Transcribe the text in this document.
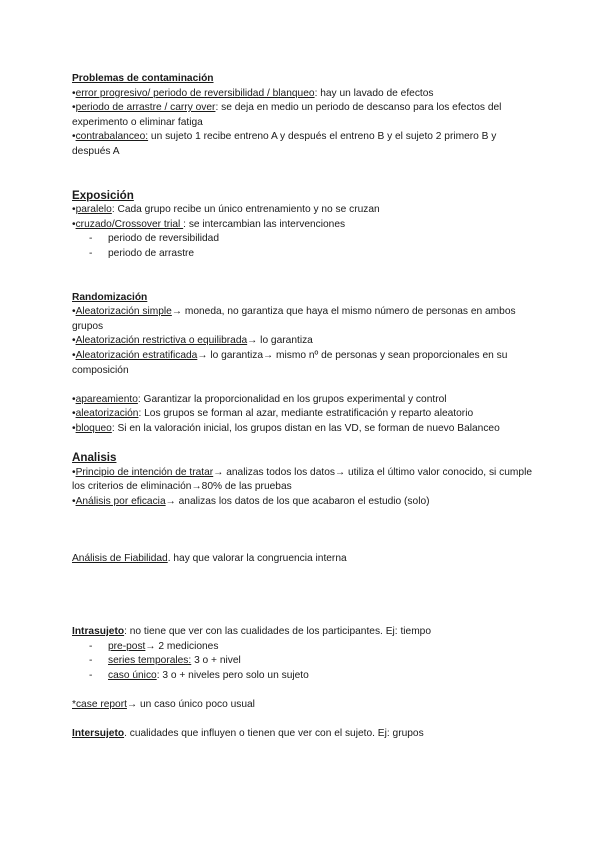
Problemas de contaminación

•error progresivo/ periodo de reversibilidad / blanqueo: hay un lavado de efectos

•periodo de arrastre / carry over: se deja en medio un periodo de descanso para los efectos del experimento o eliminar fatiga

•contrabalanceo: un sujeto 1 recibe entreno A y después el entreno B y el sujeto 2 primero B y después A

Exposición

•paralelo: Cada grupo recibe un único entrenamiento y no se cruzan

•cruzado/Crossover trial : se intercambian las intervenciones

- periodo de reversibilidad

- periodo de arrastre

Randomización

•Aleatorización simple→ moneda, no garantiza que haya el mismo número de personas en ambos grupos

•Aleatorización restrictiva o equilibrada→ lo garantiza

•Aleatorización estratificada→ lo garantiza→ mismo nº de personas y sean proporcionales en su composición

•apareamiento: Garantizar la proporcionalidad en los grupos experimental y control

•aleatorización: Los grupos se forman al azar, mediante estratificación y reparto aleatorio

•bloqueo: Si en la valoración inicial, los grupos distan en las VD, se forman de nuevo Balanceo

Analisis

•Principio de intención de tratar→ analizas todos los datos→ utiliza el último valor conocido, si cumple los criterios de eliminación→80% de las pruebas

•Análisis por eficacia→ analizas los datos de los que acabaron el estudio (solo)

Análisis de Fiabilidad. hay que valorar la congruencia interna

Intrasujeto: no tiene que ver con las cualidades de los participantes. Ej: tiempo

- pre-post→ 2 mediciones

- series temporales: 3 o + nivel

- caso único: 3 o + niveles pero solo un sujeto

*case report→ un caso único poco usual

Intersujeto. cualidades que influyen o tienen que ver con el sujeto. Ej: grupos
